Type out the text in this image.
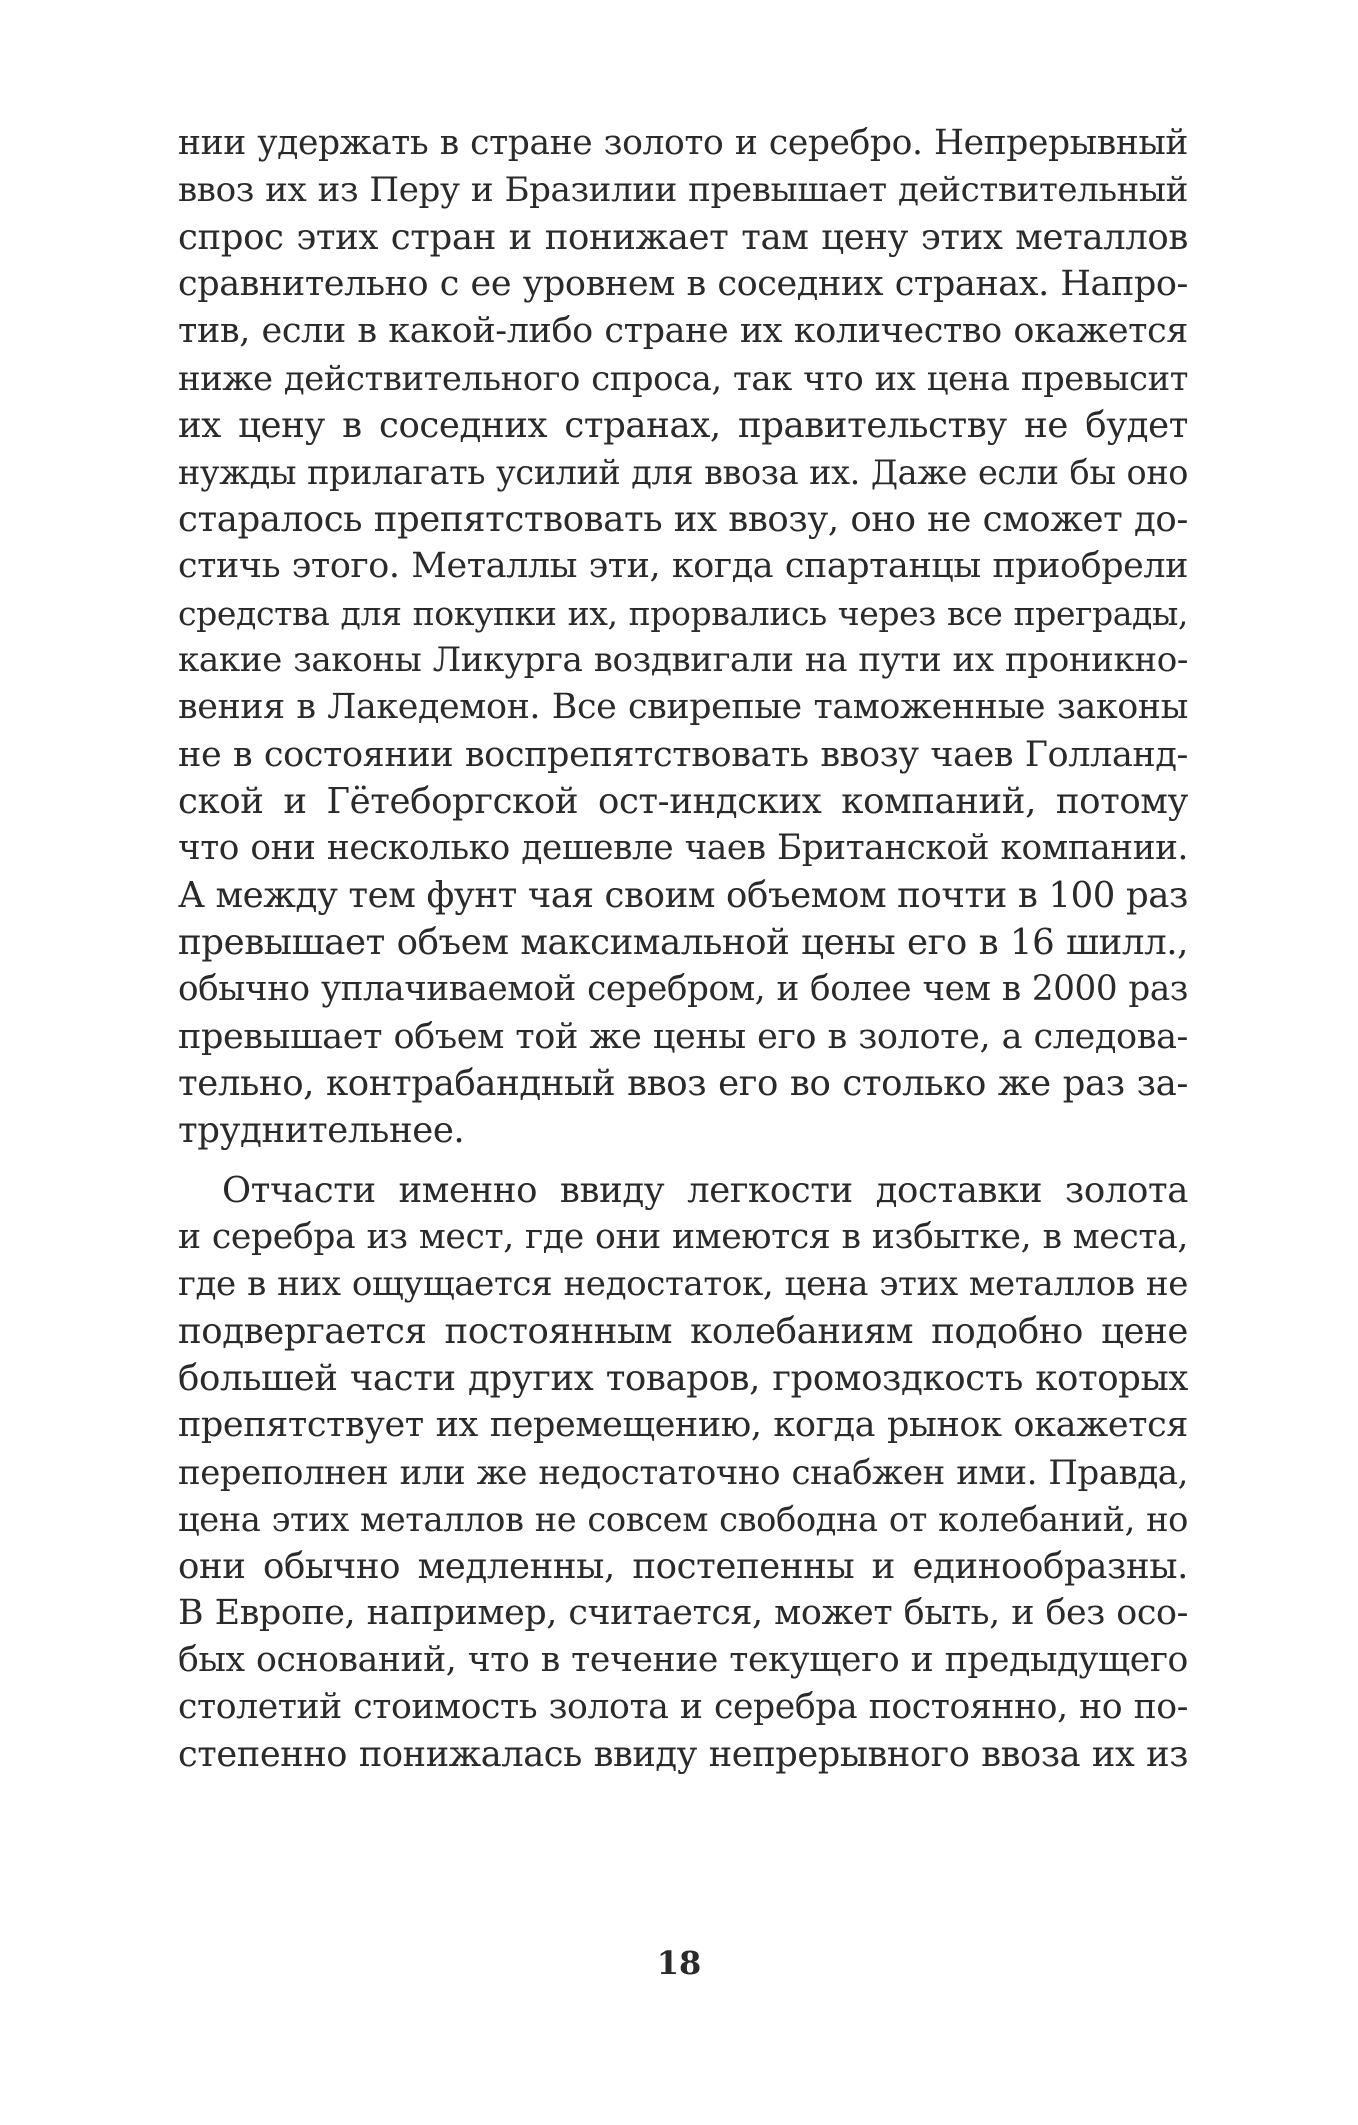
нии удержать в стране золото и серебро. Непрерывный
ввоз их из Перу и Бразилии превышает действительный
спрос этих стран и понижает там цену этих металлов
сравнительно с ее уровнем в соседних странах. Напро-
тив, если в какой-либо стране их количество окажется
ниже действительного спроса, так что их цена превысит
их цену в соседних странах, правительству не будет
нужды прилагать усилий для ввоза их. Даже если бы оно
старалось препятствовать их ввозу, оно не сможет до-
стичь этого. Металлы эти, когда спартанцы приобрели
средства для покупки их, прорвались через все преграды,
какие законы Ликурга воздвигали на пути их проникно-
вения в Лакедемон. Все свирепые таможенные законы
не в состоянии воспрепятствовать ввозу чаев Голланд-
ской и Гётеборгской ост-индских компаний, потому
что они несколько дешевле чаев Британской компании.
А между тем фунт чая своим объемом почти в 100 раз
превышает объем максимальной цены его в 16 шилл.,
обычно уплачиваемой серебром, и более чем в 2000 раз
превышает объем той же цены его в золоте, а следова-
тельно, контрабандный ввоз его во столько же раз за-
труднительнее.
Отчасти именно ввиду легкости доставки золота
и серебра из мест, где они имеются в избытке, в места,
где в них ощущается недостаток, цена этих металлов не
подвергается постоянным колебаниям подобно цене
большей части других товаров, громоздкость которых
препятствует их перемещению, когда рынок окажется
переполнен или же недостаточно снабжен ими. Правда,
цена этих металлов не совсем свободна от колебаний, но
они обычно медленны, постепенны и единообразны.
В Европе, например, считается, может быть, и без осо-
бых оснований, что в течение текущего и предыдущего
столетий стоимость золота и серебра постоянно, но по-
степенно понижалась ввиду непрерывного ввоза их из
18
